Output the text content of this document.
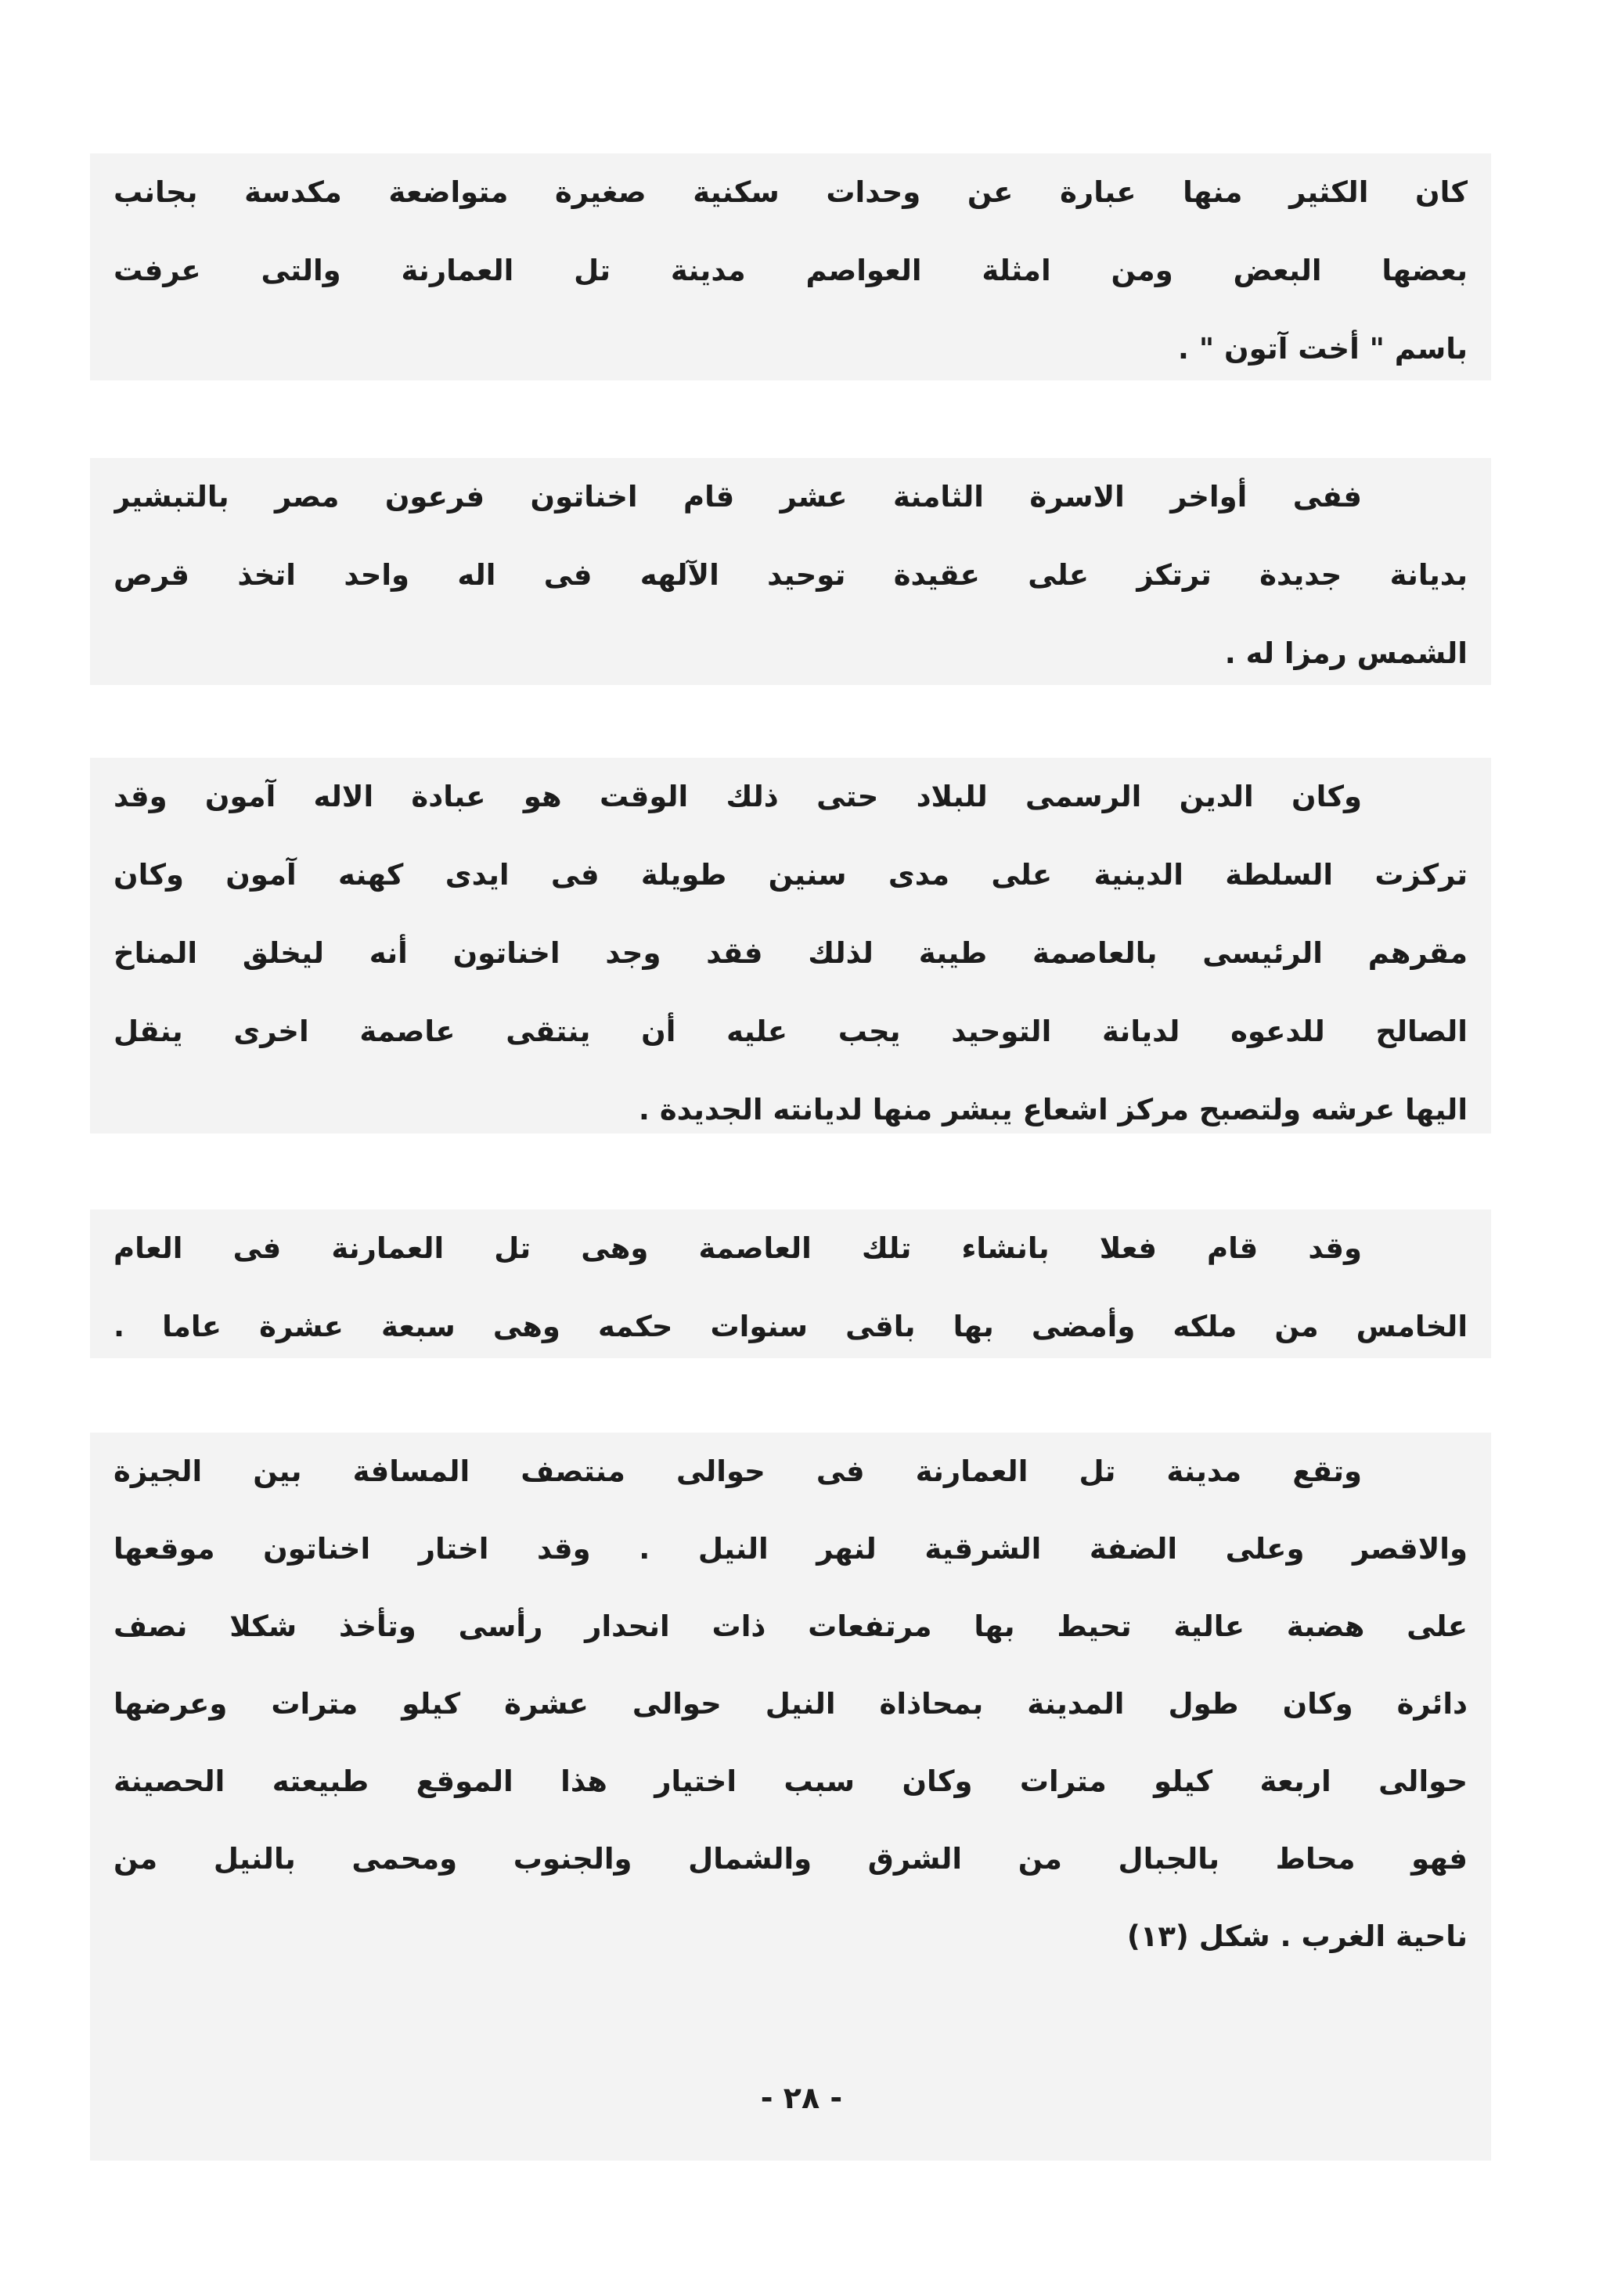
كان الكثير منها عبارة عن وحدات سكنية صغيرة متواضعة مكدسة بجانب
بعضها البعض ومن امثلة العواصم مدينة تل العمارنة والتى عرفت
باسم " أخت آتون " .
ففى أواخر الاسرة الثامنة عشر قام اخناتون فرعون مصر بالتبشير
بديانة جديدة ترتكز على عقيدة توحيد الآلهه فى اله واحد اتخذ قرص
الشمس رمزا له .
وكان الدين الرسمى للبلاد حتى ذلك الوقت هو عبادة الاله آمون وقد
تركزت السلطة الدينية على مدى سنين طويلة فى ايدى كهنه آمون وكان
مقرهم الرئيسى بالعاصمة طيبة لذلك فقد وجد اخناتون أنه ليخلق المناخ
الصالح للدعوه لديانة التوحيد يجب عليه أن ينتقى عاصمة اخرى ينقل
اليها عرشه ولتصبح مركز اشعاع يبشر منها لديانته الجديدة .
وقد قام فعلا بانشاء تلك العاصمة وهى تل العمارنة فى العام
الخامس من ملكه وأمضى بها باقى سنوات حكمه وهى سبعة عشرة عاما .
وتقع مدينة تل العمارنة فى حوالى منتصف المسافة بين الجيزة
والاقصر وعلى الضفة الشرقية لنهر النيل . وقد اختار اخناتون موقعها
على هضبة عالية تحيط بها مرتفعات ذات انحدار رأسى وتأخذ شكلا نصف
دائرة وكان طول المدينة بمحاذاة النيل حوالى عشرة كيلو مترات وعرضها
حوالى اربعة كيلو مترات وكان سبب اختيار هذا الموقع طبيعته الحصينة
فهو محاط بالجبال من الشرق والشمال والجنوب ومحمى بالنيل من
ناحية الغرب . شكل (١٣)
- ٢٨ -
